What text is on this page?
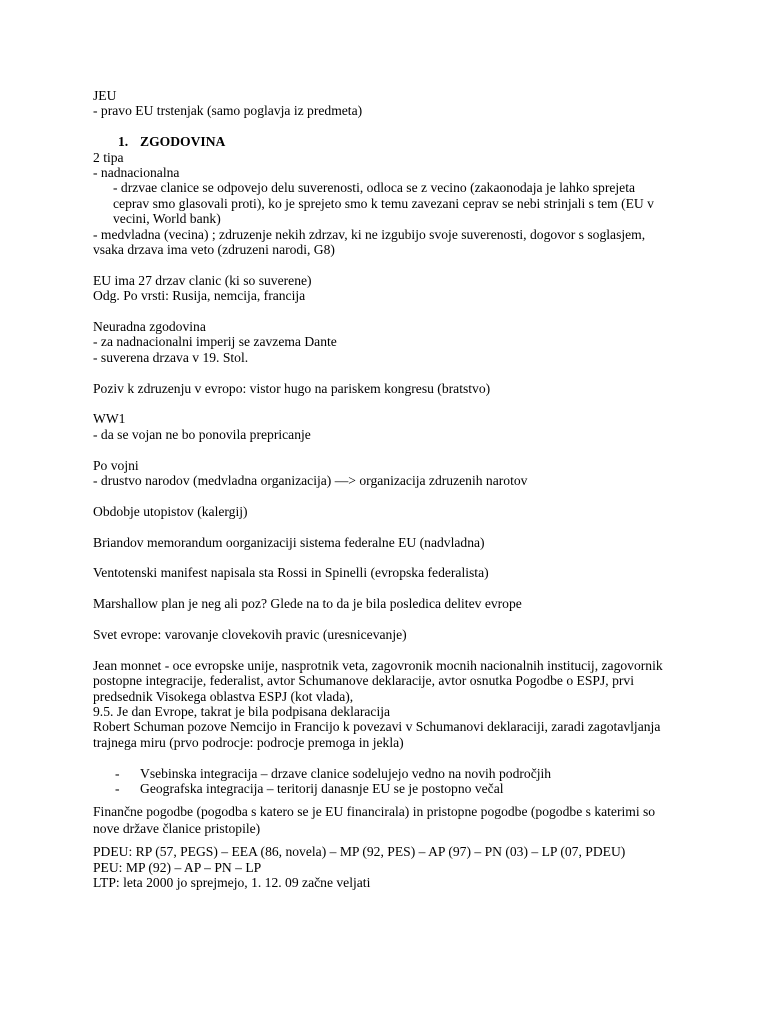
JEU
- pravo EU trstenjak (samo poglavja iz predmeta)
1. ZGODOVINA
2 tipa
- nadnacionalna
- drzvae clanice se odpovejo delu suverenosti, odloca se z vecino (zakaonodaja je lahko sprejeta ceprav smo glasovali proti), ko je sprejeto smo k temu zavezani ceprav se nebi strinjali s tem (EU v vecini, World bank)
- medvladna (vecina) ; zdruzenje nekih zdrzav, ki ne izgubijo svoje suverenosti, dogovor s soglasjem, vsaka drzava ima veto (zdruzeni narodi, G8)
EU ima 27 drzav clanic (ki so suverene)
Odg. Po vrsti: Rusija, nemcija, francija
Neuradna zgodovina
- za nadnacionalni imperij se zavzema Dante
- suverena drzava v 19. Stol.
Poziv k zdruzenju v evropo: vistor hugo na pariskem kongresu (bratstvo)
WW1
- da se vojan ne bo ponovila prepricanje
Po vojni
- drustvo narodov (medvladna organizacija) —> organizacija zdruzenih narotov
Obdobje utopistov (kalergij)
Briandov memorandum oorganizaciji sistema federalne EU (nadvladna)
Ventotenski manifest napisala sta Rossi in Spinelli (evropska federalista)
Marshallow plan je neg ali poz? Glede na to da je bila posledica delitev evrope
Svet evrope: varovanje clovekovih pravic (uresnicevanje)
Jean monnet - oce evropske unije, nasprotnik veta, zagovronik mocnih nacionalnih institucij, zagovornik postopne integracije, federalist, avtor Schumanove deklaracije, avtor osnutka Pogodbe o ESPJ, prvi predsednik Visokega oblastva ESPJ (kot vlada),
9.5. Je dan Evrope, takrat je bila podpisana deklaracija
Robert Schuman pozove Nemcijo in Francijo k povezavi v Schumanovi deklaraciji, zaradi zagotavljanja trajnega miru (prvo podrocje: podrocje premoga in jekla)
- Vsebinska integracija – drzave clanice sodelujejo vedno na novih področjih
- Geografska integracija – teritorij danasnje EU se je postopno večal
Finančne pogodbe (pogodba s katero se je EU financirala) in pristopne pogodbe (pogodbe s katerimi so nove države članice pristopile)
PDEU: RP (57, PEGS) – EEA (86, novela) – MP (92, PES) – AP (97) – PN (03) – LP (07, PDEU)
PEU: MP (92) – AP – PN – LP
LTP: leta 2000 jo sprejmejo, 1. 12. 09 začne veljati
